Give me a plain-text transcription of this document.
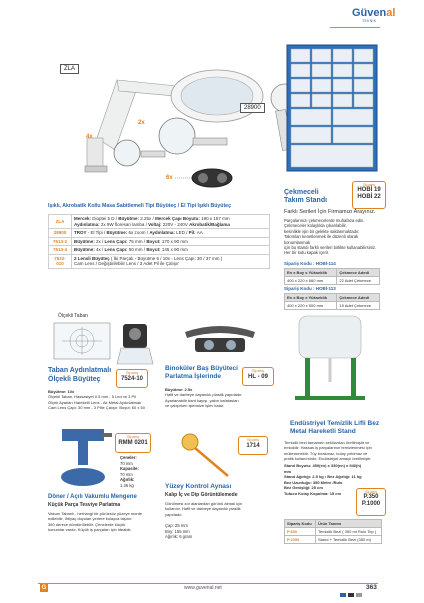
Güvenal
TEKNİK
ZLA
28900
2x
4x
6x
Işıklı, Akrobatik Kollu Masa Sabitlemeli Tipi Büyüteç / El Tipi Işıklı Büyüteç
ZLA	Mercek: Dioptei 5 D / Büyütme: 2.25x / Mercek Çapı Boyutu: 190 x 157 mm
Aydınlatma: 2x 9W floresan lamba / Voltaj: 220V - 240V Akrobatik/Bağlama
28900	TROY - El Tipi / Büyütme: 6x zoom / Aydınlatma: LED / Pil: AA
7513-2	Büyütme: 2x / Lens Çapı: 75 mm / Boyut: 170 x 90 mm
7513-4	Büyütme: 4x / Lens Çapı: 50 mm / Boyut: 145 x 90 mm
7522-010	2 Lensli Büyüteç ( İki Parçalı - Büyütme 6 / 10x - Lens Çapı: 30 / 37 mm )
Cam Lens / Değiştirilebilir Lens / 3 Adet Pil ile Çalışır
Sipariş
HOBİ 19
HOBİ 22
Çekmeceli
Takım Standı
Farklı Serileri İçin Firmamızı Arayınız.
Parçalarınızı çekmecelerde muhafaza edin.
Çekmeceler kolaylıkla çıkarılabilir,
kesinlikle işin bir gelekte saklanmaktadır.
Takımları kenetlenmek ile düzenli olarak konumlanmak
için bu standı farklı serileri birlikte kullanabilirsiniz.
Her bir lodu kapak içerir.
Sipariş Kodu : HOBİ-114
En x Boy x Yükseklik	Çekmece Adedi
400 x 220 x 660 mm	22 Adet Çekmece
Sipariş Kodu : HOBİ-113
En x Boy x Yükseklik	Çekmece Adedi
400 x 220 x 500 mm	19 Adet Çekmece
Ölçekli Taban
Taban Aydınlatmalı
Ölçekli Büyüteç
Sipariş
7524-10
Büyütme: 10x
Ölçekli Taban, Hassasiyet 0.5 mm - 5 Led ve 3 Pil
Ölçek Ayarları Hareketli Lens - Ak Metal Aydınlatmalı
Cam Lens Çapı: 30 mm - 3 Pille Çalışır. Boyut: 60 x 50
Binoküler Baş Büyüteci
Parlatma İşlerinde
Sipariş
HL - 09
Büyütme: 2.5x
Hafif ve darbeye dayanıklı plastik yapıdadır.
Ayarlanabilir bant kayışı, yakın kafatasları
ve çalışırken işlerinize işlev katar.
Endüstriyel Temizlik Lifli Bez
Metal Hareketli Stand
Temizlik bezi tamamen selülozdan üretilmiştir ve
emiciidir. Hassas iş parçalarının temizlenmesi için
mükemmeldir. Tüy bırakmaz, kolay yırtılmaz ve
pratik kullanımlıdır. Endüstriyel amaçlı üretilmiştir.
Stand Boyutu: 450(en) x 330(en) x 940(h) mm
Stand Ağırlığı: 2.5 kg • Bez Ağırlığı: 11 kg
Bez Uzunluğu: 350 Metre /Rulo
Bez Genişliği: 25 cm
Tutucu Kolay Kopulma: 15 cm	Sipariş
P.350
P.1000
Sipariş Kodu	Ürün Tanımı
P.350	Temizlik Bezi ( 350 mt Rulo Top )
P.1000	Stand + Temizlik Bezi (350 m)
Sipariş
RMM 0201
Çeneler:
70 mm
Kapasite:
70 mm
Ağırlık:
1.35 kg
Döner / Açılı Vakumlu Mengene
Küçük Parça Tesviye Parlatma
Vakum Tabanlı , herhangi bir pürüzsüz yüzeye monte
edilebilir, İhtiyaç duyulan yerlere kolayca taşınır.
360 derece döndürülebilir. Çenelerde küçük
konumlar vardır. Küçük iş parçaları için idealdir.
Sipariş
1714
Yüzey Kontrol Aynası
Kalıp İç ve Dip Görüntülemede
Görülmesi zor alanlardan görünü almak için
kullanılır. Hafif ve darbeye dayanıklı plastik
yapıdadır.
Çap: 25 mm
Boy: 155 mm
Ağırlık: 6 gram
G	www.guvenal.net	363
